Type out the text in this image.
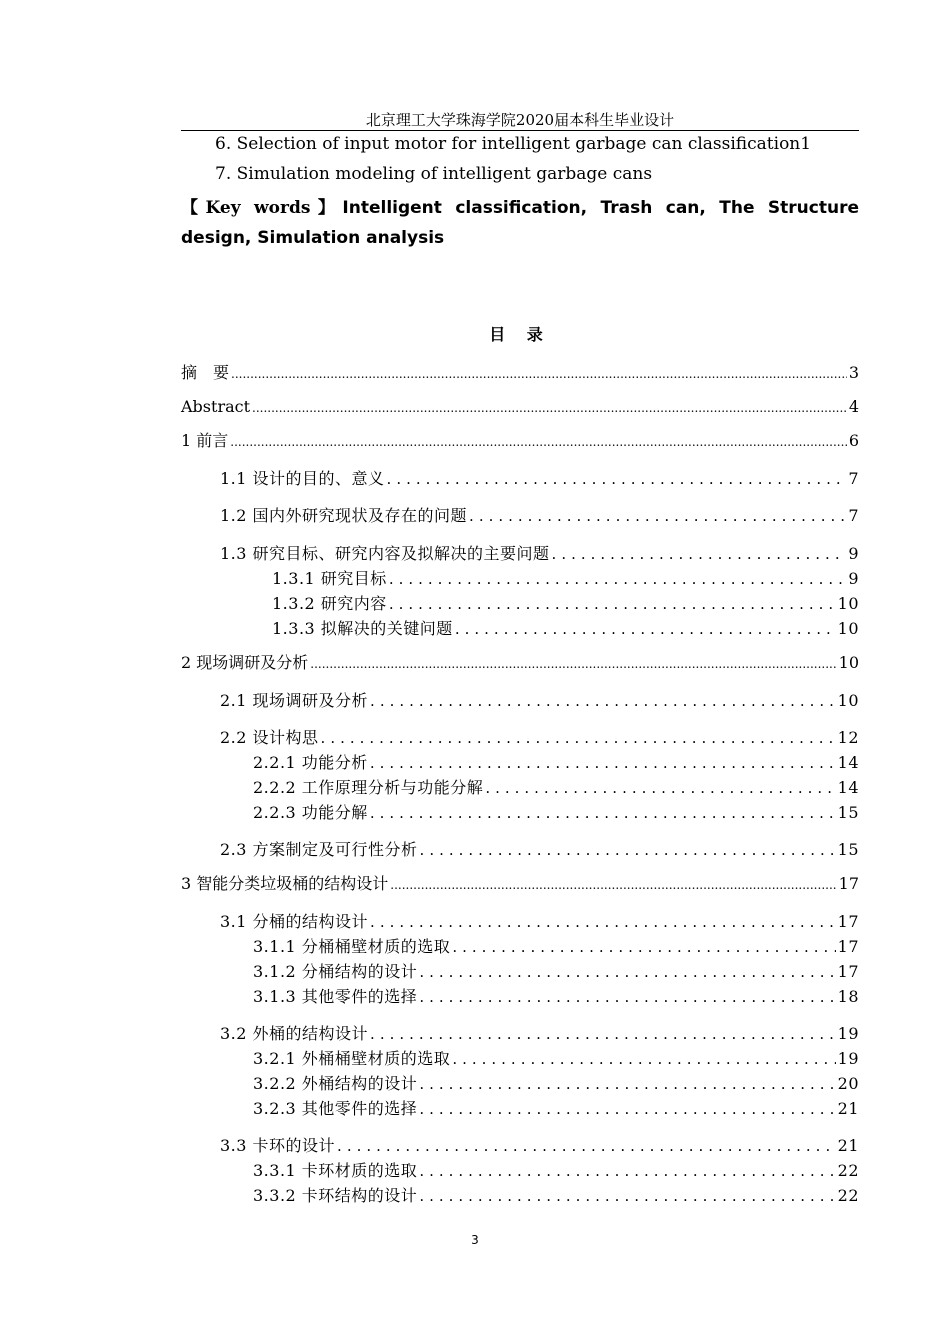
北京理工大学珠海学院2020届本科生毕业设计
6. Selection of input motor for intelligent garbage can classification1
7. Simulation modeling of intelligent garbage cans
【Key words】Intelligent classification, Trash can, The Structure design, Simulation analysis
目 录
摘　要 .....	3
Abstract .....	4
1 前言 .....	6
1.1 设计的目的、意义 .....	7
1.2 国内外研究现状及存在的问题 .....	7
1.3 研究目标、研究内容及拟解决的主要问题 .....	9
1.3.1 研究目标 .....	9
1.3.2 研究内容 .....	10
1.3.3 拟解决的关键问题 .....	10
2 现场调研及分析 .....	10
2.1 现场调研及分析 .....	10
2.2 设计构思 .....	12
2.2.1 功能分析 .....	14
2.2.2 工作原理分析与功能分解 .....	14
2.2.3 功能分解 .....	15
2.3 方案制定及可行性分析 .....	15
3 智能分类垃圾桶的结构设计 .....	17
3.1 分桶的结构设计 .....	17
3.1.1 分桶桶壁材质的选取 .....	17
3.1.2 分桶结构的设计 .....	17
3.1.3 其他零件的选择 .....	18
3.2 外桶的结构设计 .....	19
3.2.1 外桶桶壁材质的选取 .....	19
3.2.2 外桶结构的设计 .....	20
3.2.3 其他零件的选择 .....	21
3.3 卡环的设计 .....	21
3.3.1 卡环材质的选取 .....	22
3.3.2 卡环结构的设计 .....	22
3
